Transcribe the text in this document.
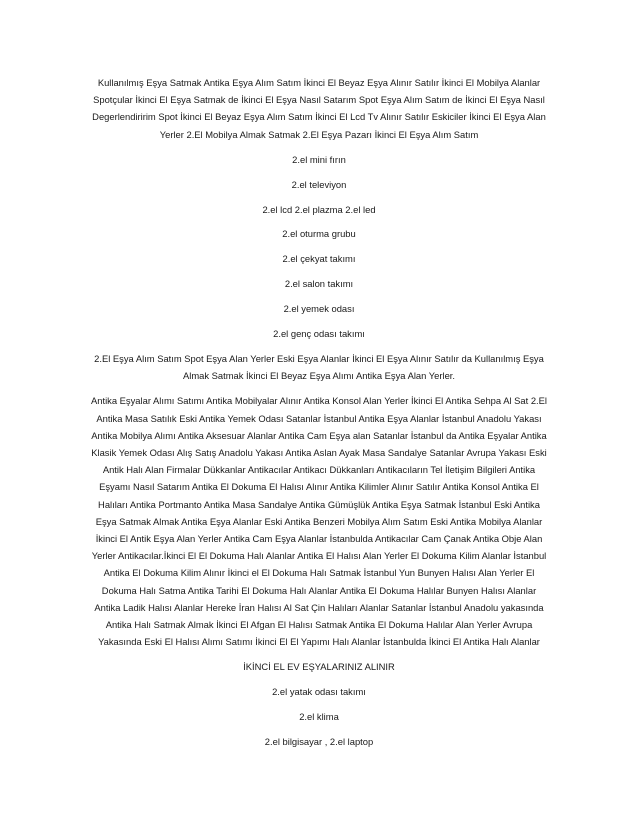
Kullanılmış Eşya Satmak Antika Eşya Alım Satım İkinci El Beyaz Eşya Alınır Satılır İkinci El Mobilya Alanlar Spotçular İkinci El Eşya Satmak de İkinci El Eşya Nasıl Satarım Spot Eşya Alım Satım de İkinci El Eşya Nasıl Degerlendiririm Spot İkinci El Beyaz Eşya Alım Satım İkinci El Lcd Tv Alınır Satılır Eskiciler İkinci El Eşya Alan Yerler 2.El Mobilya Almak Satmak 2.El Eşya Pazarı İkinci El Eşya Alım Satım

2.el mini fırın

2.el televiyon

2.el lcd 2.el plazma 2.el led

2.el oturma grubu

2.el çekyat takımı

2.el salon takımı

2.el yemek odası

2.el genç odası takımı

2.El Eşya Alım Satım Spot Eşya Alan Yerler Eski Eşya Alanlar İkinci El Eşya Alınır Satılır da Kullanılmış Eşya Almak Satmak İkinci El Beyaz Eşya Alımı Antika Eşya Alan Yerler.

Antika Eşyalar Alımı Satımı Antika Mobilyalar Alınır Antika Konsol Alan Yerler İkinci El Antika Sehpa Al Sat 2.El Antika Masa Satılık Eski Antika Yemek Odası Satanlar İstanbul Antika Eşya Alanlar İstanbul Anadolu Yakası Antika Mobilya Alımı Antika Aksesuar Alanlar Antika Cam Eşya alan Satanlar İstanbul da Antika Eşyalar Antika Klasik Yemek Odası Alış Satış Anadolu Yakası Antika Aslan Ayak Masa Sandalye Satanlar Avrupa Yakası Eski Antik Halı Alan Firmalar Dükkanlar Antikacılar Antikacı Dükkanları Antikacıların Tel İletişim Bilgileri Antika Eşyamı Nasıl Satarım Antika El Dokuma El Halısı Alınır Antika Kilimler Alınır Satılır Antika Konsol Antika El Halıları Antika Portmanto Antika Masa Sandalye Antika Gümüşlük Antika Eşya Satmak İstanbul Eski Antika Eşya Satmak Almak Antika Eşya Alanlar Eski Antika Benzeri Mobilya Alım Satım Eski Antika Mobilya Alanlar İkinci El Antik Eşya Alan Yerler Antika Cam Eşya Alanlar İstanbulda Antikacılar Cam Çanak Antika Obje Alan Yerler Antikacılar.İkinci El El Dokuma Halı Alanlar Antika El Halısı Alan Yerler El Dokuma Kilim Alanlar İstanbul Antika El Dokuma Kilim Alınır İkinci el El Dokuma Halı Satmak İstanbul Yun Bunyen Halısı Alan Yerler El Dokuma Halı Satma Antika Tarihi El Dokuma Halı Alanlar Antika El Dokuma Halılar Bunyen Halısı Alanlar Antika Ladik Halısı Alanlar Hereke İran Halısı Al Sat Çin Halıları Alanlar Satanlar İstanbul Anadolu yakasında Antika Halı Satmak Almak İkinci El Afgan El Halısı Satmak Antika El Dokuma Halılar Alan Yerler Avrupa Yakasında Eski El Halısı Alımı Satımı İkinci El El Yapımı Halı Alanlar İstanbulda İkinci El Antika Halı Alanlar

İKİNCİ EL EV EŞYALARINIZ ALINIR

2.el yatak odası takımı

2.el klima

2.el bilgisayar , 2.el laptop
